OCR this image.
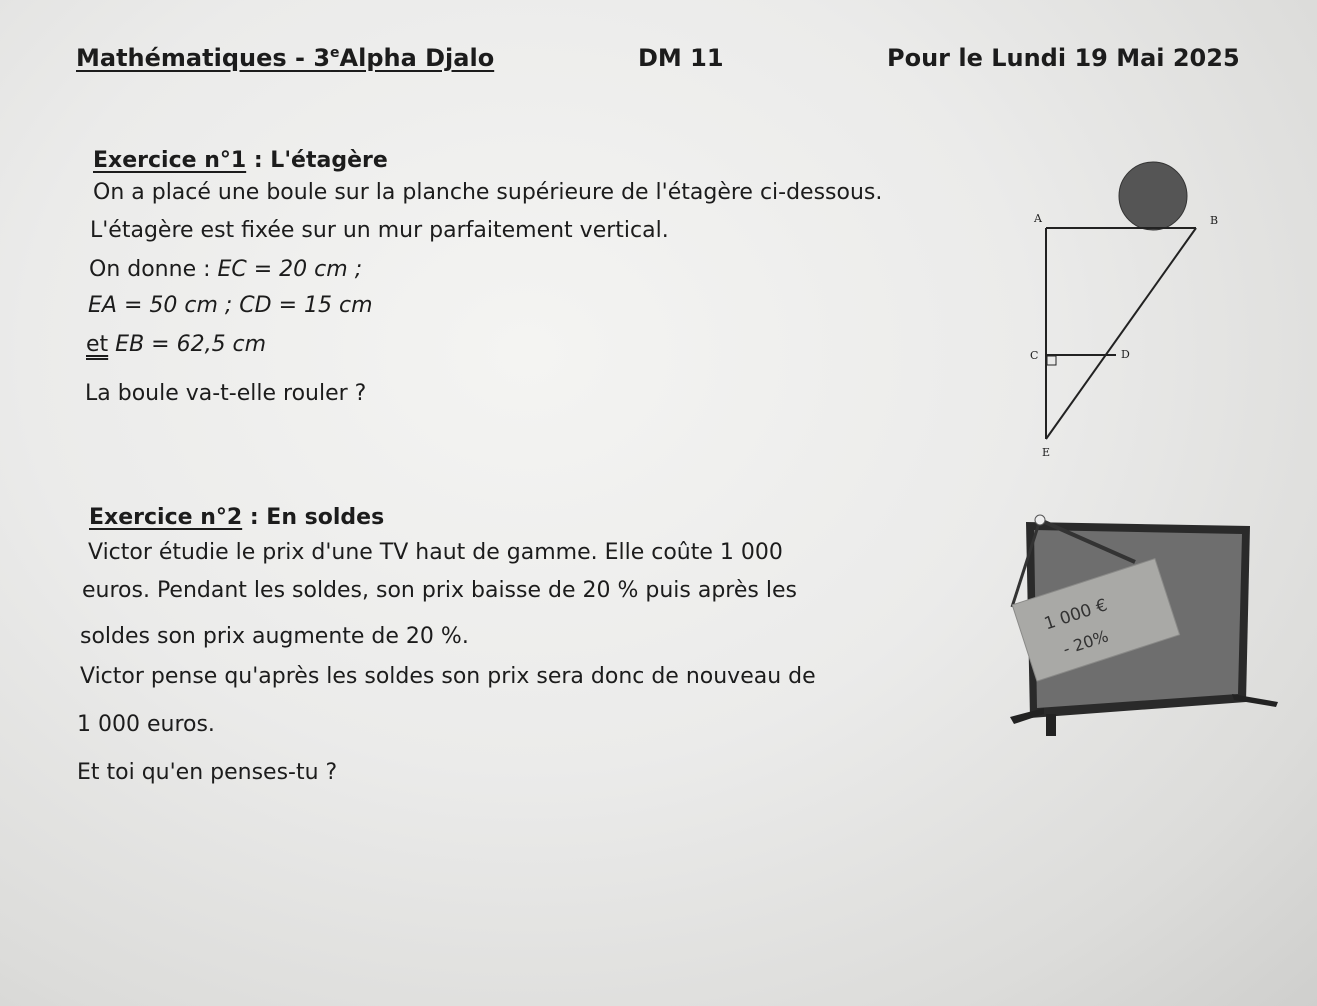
Mathématiques - 3eAlpha Djalo	DM 11	Pour le Lundi 19 Mai 2025
Exercice n°1 : L'étagère
On a placé une boule sur la planche supérieure de l'étagère ci-dessous.
L'étagère est fixée sur un mur parfaitement vertical.
On donne : EC = 20 cm ;
EA = 50 cm ; CD = 15 cm
et EB = 62,5 cm
La boule va-t-elle rouler ?
A	B
C	D
E
Exercice n°2 : En soldes
Victor étudie le prix d'une TV haut de gamme. Elle coûte 1 000
euros. Pendant les soldes, son prix baisse de 20 % puis après les
soldes son prix augmente de 20 %.
Victor pense qu'après les soldes son prix sera donc de nouveau de
1 000 euros.
Et toi qu'en penses-tu ?
1 000 €
- 20%
